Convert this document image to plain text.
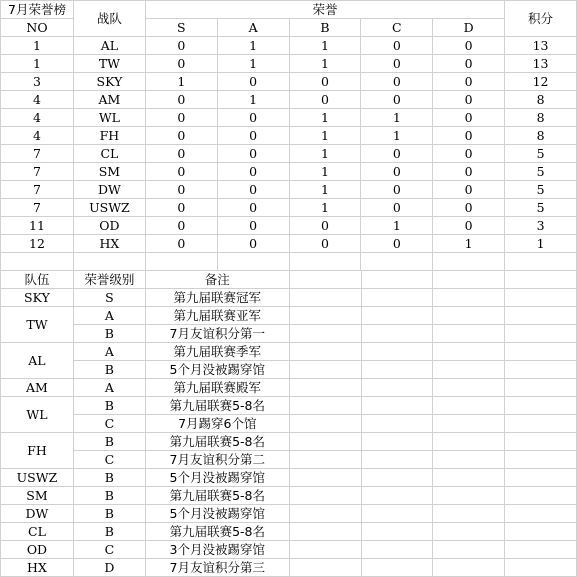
7月荣誉榜	战队	荣誉					积分
NO		S	A	B	C	D	
1	AL	0	1	1	0	0	13
1	TW	0	1	1	0	0	13
3	SKY	1	0	0	0	0	12
4	AM	0	1	0	0	0	8
4	WL	0	0	1	1	0	8
4	FH	0	0	1	1	0	8
7	CL	0	0	1	0	0	5
7	SM	0	0	1	0	0	5
7	DW	0	0	1	0	0	5
7	USWZ	0	0	1	0	0	5
11	OD	0	0	0	1	0	3
12	HX	0	0	0	0	1	1

队伍	荣誉级别	备注				
SKY	S	第九届联赛冠军				
TW	A	第九届联赛亚军				
	B	7月友谊积分第一				
AL	A	第九届联赛季军				
	B	5个月没被踢穿馆				
AM	A	第九届联赛殿军				
WL	B	第九届联赛5-8名				
	C	7月踢穿6个馆				
FH	B	第九届联赛5-8名				
	C	7月友谊积分第二				
USWZ	B	5个月没被踢穿馆				
SM	B	第九届联赛5-8名				
DW	B	5个月没被踢穿馆				
CL	B	第九届联赛5-8名				
OD	C	3个月没被踢穿馆				
HX	D	7月友谊积分第三				
